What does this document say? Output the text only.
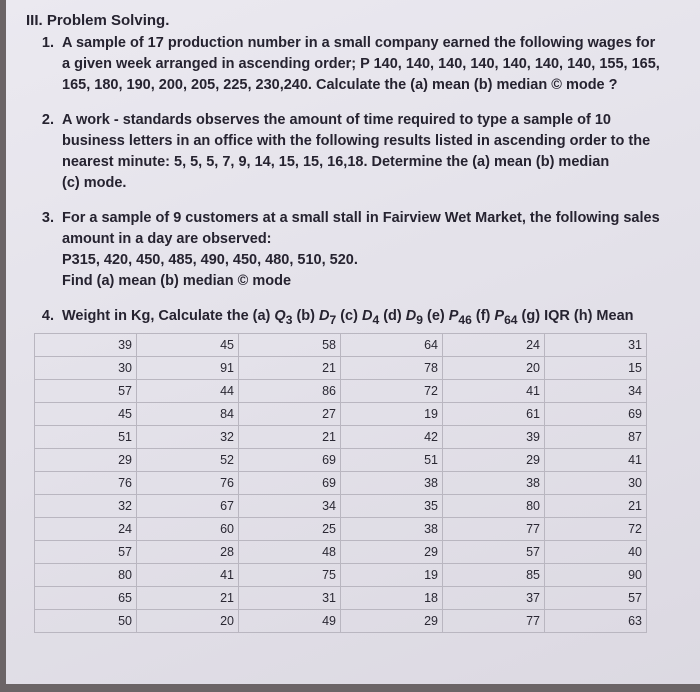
III. Problem Solving.
1. A sample of 17 production number in a small company earned the following wages for
a given week arranged in ascending order; P 140, 140, 140, 140, 140, 140, 140, 155, 165,
165, 180, 190, 200, 205, 225, 230,240. Calculate the (a) mean (b) median © mode ?
2. A work - standards observes the amount of time required to type a sample of 10
business letters in an office with the following results listed in ascending order to the
nearest minute: 5, 5, 5, 7, 9, 14, 15, 15, 16,18. Determine the (a) mean (b) median
(c) mode.
3. For a sample of 9 customers at a small stall in Fairview Wet Market, the following sales
amount in a day are observed:
P315, 420, 450, 485, 490, 450, 480, 510, 520.
Find (a) mean (b) median © mode
4. Weight in Kg, Calculate the (a) $Q_3$ (b) $D_7$ (c) $D_4$ (d) $D_9$ (e) $P_{46}$ (f) $P_{64}$ (g) IQR (h) Mean
39	45	58	64	24	31
30	91	21	78	20	15
57	44	86	72	41	34
45	84	27	19	61	69
51	32	21	42	39	87
29	52	69	51	29	41
76	76	69	38	38	30
32	67	34	35	80	21
24	60	25	38	77	72
57	28	48	29	57	40
80	41	75	19	85	90
65	21	31	18	37	57
50	20	49	29	77	63
